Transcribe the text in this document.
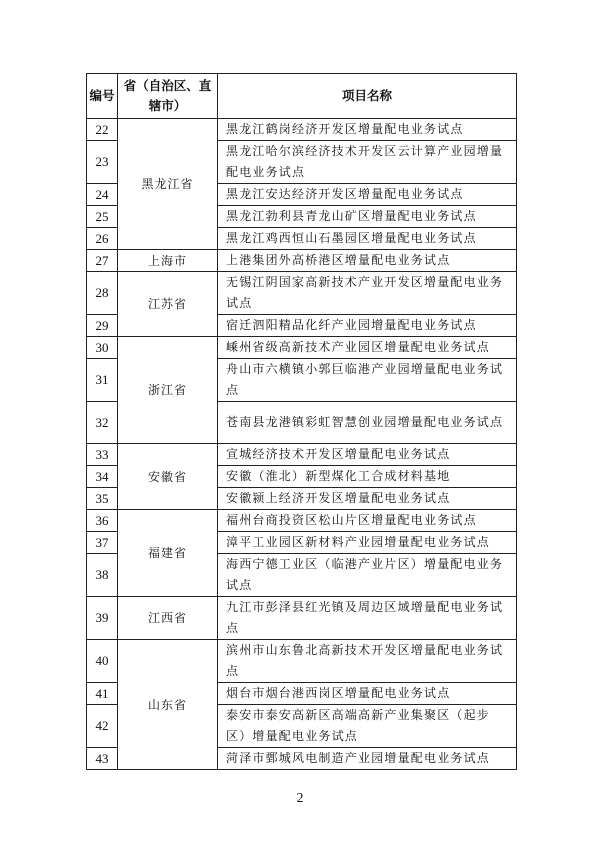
编号	省（自治区、直辖市）	项目名称
22	黑龙江省	黑龙江鹤岗经济开发区增量配电业务试点
23		黑龙江哈尔滨经济技术开发区云计算产业园增量配电业务试点
24		黑龙江安达经济开发区增量配电业务试点
25		黑龙江勃利县青龙山矿区增量配电业务试点
26		黑龙江鸡西恒山石墨园区增量配电业务试点
27	上海市	上港集团外高桥港区增量配电业务试点
28	江苏省	无锡江阴国家高新技术产业开发区增量配电业务试点
29		宿迁泗阳精品化纤产业园增量配电业务试点
30	浙江省	嵊州省级高新技术产业园区增量配电业务试点
31		舟山市六横镇小郭巨临港产业园增量配电业务试点
32		苍南县龙港镇彩虹智慧创业园增量配电业务试点
33	安徽省	宣城经济技术开发区增量配电业务试点
34		安徽（淮北）新型煤化工合成材料基地
35		安徽颍上经济开发区增量配电业务试点
36	福建省	福州台商投资区松山片区增量配电业务试点
37		漳平工业园区新材料产业园增量配电业务试点
38		海西宁德工业区（临港产业片区）增量配电业务试点
39	江西省	九江市彭泽县红光镇及周边区域增量配电业务试点
40	山东省	滨州市山东鲁北高新技术开发区增量配电业务试点
41		烟台市烟台港西岗区增量配电业务试点
42		泰安市泰安高新区高端高新产业集聚区（起步区）增量配电业务试点
43		菏泽市鄄城风电制造产业园增量配电业务试点
2
